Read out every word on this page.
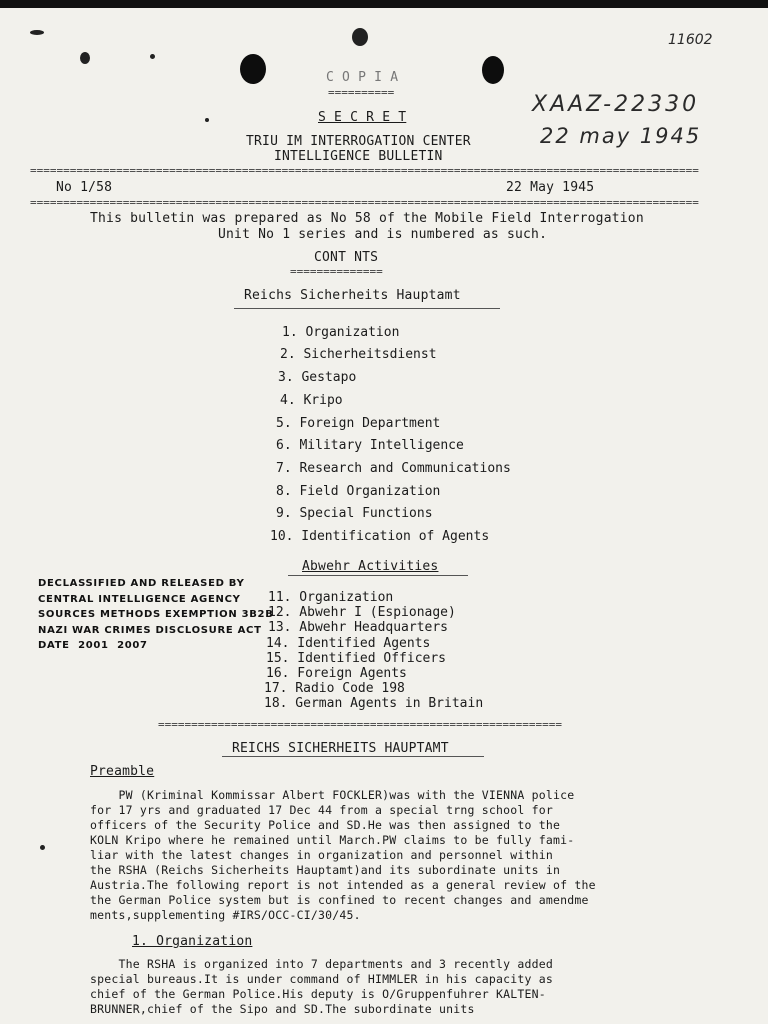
11602
XAAZ-22330
22 may 1945
C O P I A
==========
S E C R E T
TRIU IM INTERROGATION CENTER
INTELLIGENCE BULLETIN
=====================================================================================================
No 1/58	22 May 1945
=====================================================================================================
This bulletin was prepared as No 58 of the Mobile Field Interrogation
Unit No 1 series and is numbered as such.
CONT NTS
==============
Reichs Sicherheits Hauptamt
1. Organization
2. Sicherheitsdienst
3. Gestapo
4. Kripo
5. Foreign Department
6. Military Intelligence
7. Research and Communications
8. Field Organization
9. Special Functions
10. Identification of Agents
Abwehr Activities
11. Organization
12. Abwehr I (Espionage)
13. Abwehr Headquarters
14. Identified Agents
15. Identified Officers
16. Foreign Agents
17. Radio Code 198
18. German Agents in Britain
DECLASSIFIED AND RELEASED BY
CENTRAL INTELLIGENCE AGENCY
SOURCES METHODS EXEMPTION 3B2B
NAZI WAR CRIMES DISCLOSURE ACT
DATE  2001  2007
=============================================================
REICHS SICHERHEITS HAUPTAMT
Preamble
PW (Kriminal Kommissar Albert FOCKLER)was with the VIENNA police
for 17 yrs and graduated 17 Dec 44 from a special trng school for
officers of the Security Police and SD.He was then assigned to the
KOLN Kripo where he remained until March.PW claims to be fully fami-
liar with the latest changes in organization and personnel within
the RSHA (Reichs Sicherheits Hauptamt)and its subordinate units in
Austria.The following report is not intended as a general review of the
the German Police system but is confined to recent changes and amendme
ments,supplementing #IRS/OCC-CI/30/45.
1. Organization
The RSHA is organized into 7 departments and 3 recently added
special bureaus.It is under command of HIMMLER in his capacity as
chief of the German Police.His deputy is O/Gruppenfuhrer KALTEN-
BRUNNER,chief of the Sipo and SD.The subordinate units
